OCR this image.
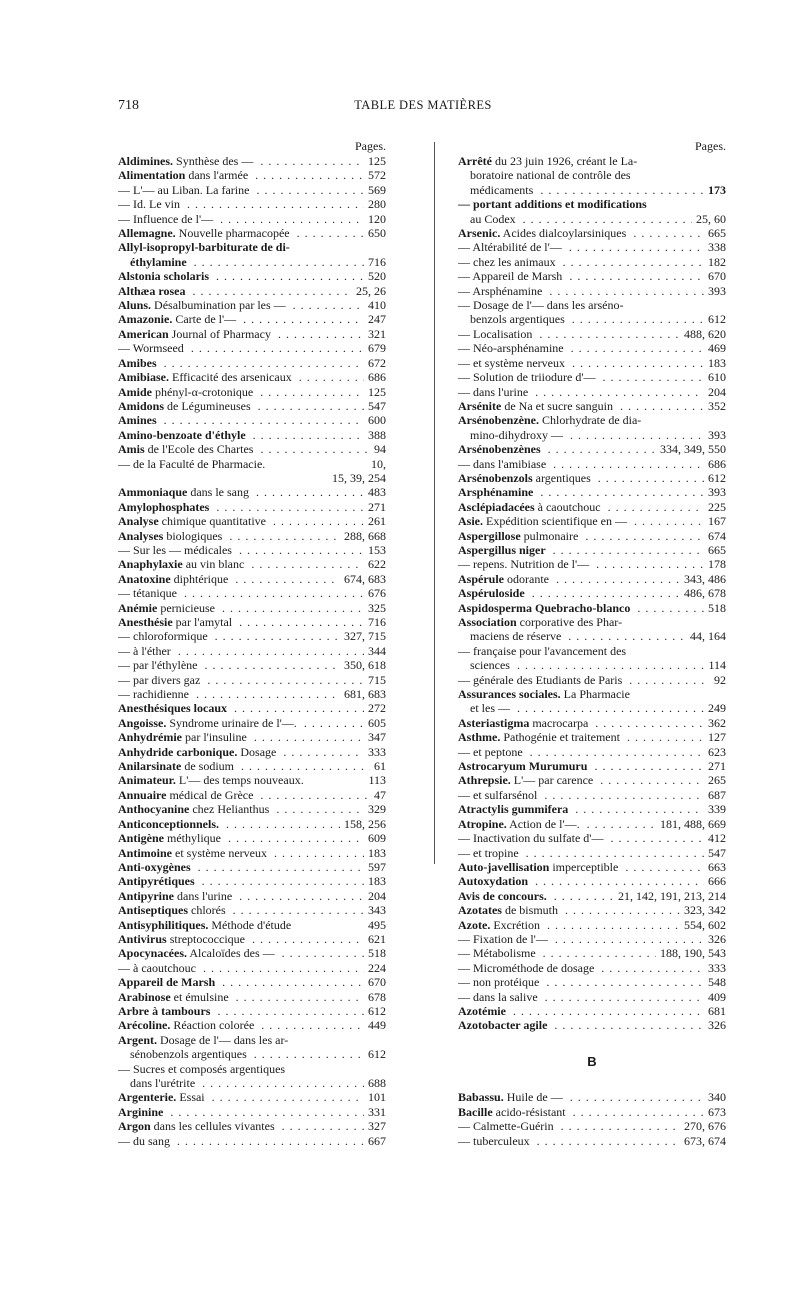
718	TABLE DES MATIÈRES
Pages.
Aldimines. Synthèse des —	125
. . .
Alimentation dans l'armée	572
. . .
— L'— au Liban. La farine	569
. . .
— Id. Le vin	280
. . .
— Influence de l'—	120
. . .
Allemagne. Nouvelle pharmacopée	650
. . .
Allyl-isopropyl-barbiturate de di-
éthylamine	716
. . .
Alstonia scholaris	520
. . .
Althæa rosea	25, 26
. . .
Aluns. Désalbumination par les —	410
. . .
Amazonie. Carte de l'—	247
. . .
American Journal of Pharmacy	321
. . .
— Wormseed	679
. . .
Amibes	672
. . .
Amibiase. Efficacité des arsenicaux	686
. . .
Amide phényl-α-crotonique	125
. . .
Amidons de Légumineuses	547
. . .
Amines	600
. . .
Amino-benzoate d'éthyle	388
. . .
Amis de l'Ecole des Chartes	94
. . .
— de la Faculté de Pharmacie.	10,
15, 39, 254
Ammoniaque dans le sang	483
. . .
Amylophosphates	271
. . .
Analyse chimique quantitative	261
. . .
Analyses biologiques	288, 668
. . .
— Sur les — médicales	153
. . .
Anaphylaxie au vin blanc	622
. . .
Anatoxine diphtérique	674, 683
. . .
— tétanique	676
. . .
Anémie pernicieuse	325
. . .
Anesthésie par l'amytal	716
. . .
— chloroformique	327, 715
. . .
— à l'éther	344
. . .
— par l'éthylène	350, 618
. . .
— par divers gaz	715
. . .
— rachidienne	681, 683
. . .
Anesthésiques locaux	272
. . .
Angoisse. Syndrome urinaire de l'—.	605
. . .
Anhydrémie par l'insuline	347
. . .
Anhydride carbonique. Dosage	333
. . .
Anilarsinate de sodium	61
. . .
Animateur. L'— des temps nouveaux.	113
Annuaire médical de Grèce	47
. . .
Anthocyanine chez Helianthus	329
. . .
Anticonceptionnels.	158, 256
. . .
Antigène méthylique	609
. . .
Antimoine et système nerveux	183
. . .
Anti-oxygènes	597
. . .
Antipyrétiques	183
. . .
Antipyrine dans l'urine	204
. . .
Antiseptiques chlorés	343
. . .
Antisyphilitiques. Méthode d'étude	495
Antivirus streptococcique	621
. . .
Apocynacées. Alcaloïdes des —	518
. . .
— à caoutchouc	224
. . .
Appareil de Marsh	670
. . .
Arabinose et émulsine	678
. . .
Arbre à tambours	612
. . .
Arécoline. Réaction colorée	449
. . .
Argent. Dosage de l'— dans les ar-
sénobenzols argentiques	612
. . .
— Sucres et composés argentiques
dans l'urétrite	688
. . .
Argenterie. Essai	101
. . .
Arginine	331
. . .
Argon dans les cellules vivantes	327
. . .
— du sang	667
. . .
Pages.
Arrêté du 23 juin 1926, créant le La-
boratoire national de contrôle des
médicaments	173
. . .
— portant additions et modifications
au Codex	25, 60
. . .
Arsenic. Acides dialcoylarsiniques	665
. . .
— Altérabilité de l'—	338
. . .
— chez les animaux	182
. . .
— Appareil de Marsh	670
. . .
— Arsphénamine	393
. . .
— Dosage de l'— dans les arséno-
benzols argentiques	612
. . .
— Localisation	488, 620
. . .
— Néo-arsphénamine	469
. . .
— et système nerveux	183
. . .
— Solution de triiodure d'—	610
. . .
— dans l'urine	204
. . .
Arsénite de Na et sucre sanguin	352
. . .
Arsénobenzène. Chlorhydrate de dia-
mino-dihydroxy —	393
. . .
Arsénobenzènes	334, 349, 550
. . .
— dans l'amibiase	686
. . .
Arsénobenzols argentiques	612
. . .
Arsphénamine	393
. . .
Asclépiadacées à caoutchouc	225
. . .
Asie. Expédition scientifique en —	167
. . .
Aspergillose pulmonaire	674
. . .
Aspergillus niger	665
. . .
— repens. Nutrition de l'—	178
. . .
Aspérule odorante	343, 486
. . .
Aspéruloside	486, 678
. . .
Aspidosperma Quebracho-blanco	518
. . .
Association corporative des Phar-
maciens de réserve	44, 164
. . .
— française pour l'avancement des
sciences	114
. . .
— générale des Etudiants de Paris	92
. . .
Assurances sociales. La Pharmacie
et les —	249
. . .
Asteriastigma macrocarpa	362
. . .
Asthme. Pathogénie et traitement	127
. . .
— et peptone	623
. . .
Astrocaryum Murumuru	271
. . .
Athrepsie. L'— par carence	265
. . .
— et sulfarsénol	687
. . .
Atractylis gummifera	339
. . .
Atropine. Action de l'—.	181, 488, 669
. . .
— Inactivation du sulfate d'—	412
. . .
— et tropine	547
. . .
Auto-javellisation imperceptible	663
. . .
Autoxydation	666
. . .
Avis de concours.	21, 142, 191, 213, 214
. . .
Azotates de bismuth	323, 342
. . .
Azote. Excrétion	554, 602
. . .
— Fixation de l'—	326
. . .
— Métabolisme	188, 190, 543
. . .
— Microméthode de dosage	333
. . .
— non protéique	548
. . .
— dans la salive	409
. . .
Azotémie	681
. . .
Azotobacter agile	326
. . .
B
Babassu. Huile de —	340
. . .
Bacille acido-résistant	673
. . .
— Calmette-Guérin	270, 676
. . .
— tuberculeux	673, 674
. . .
